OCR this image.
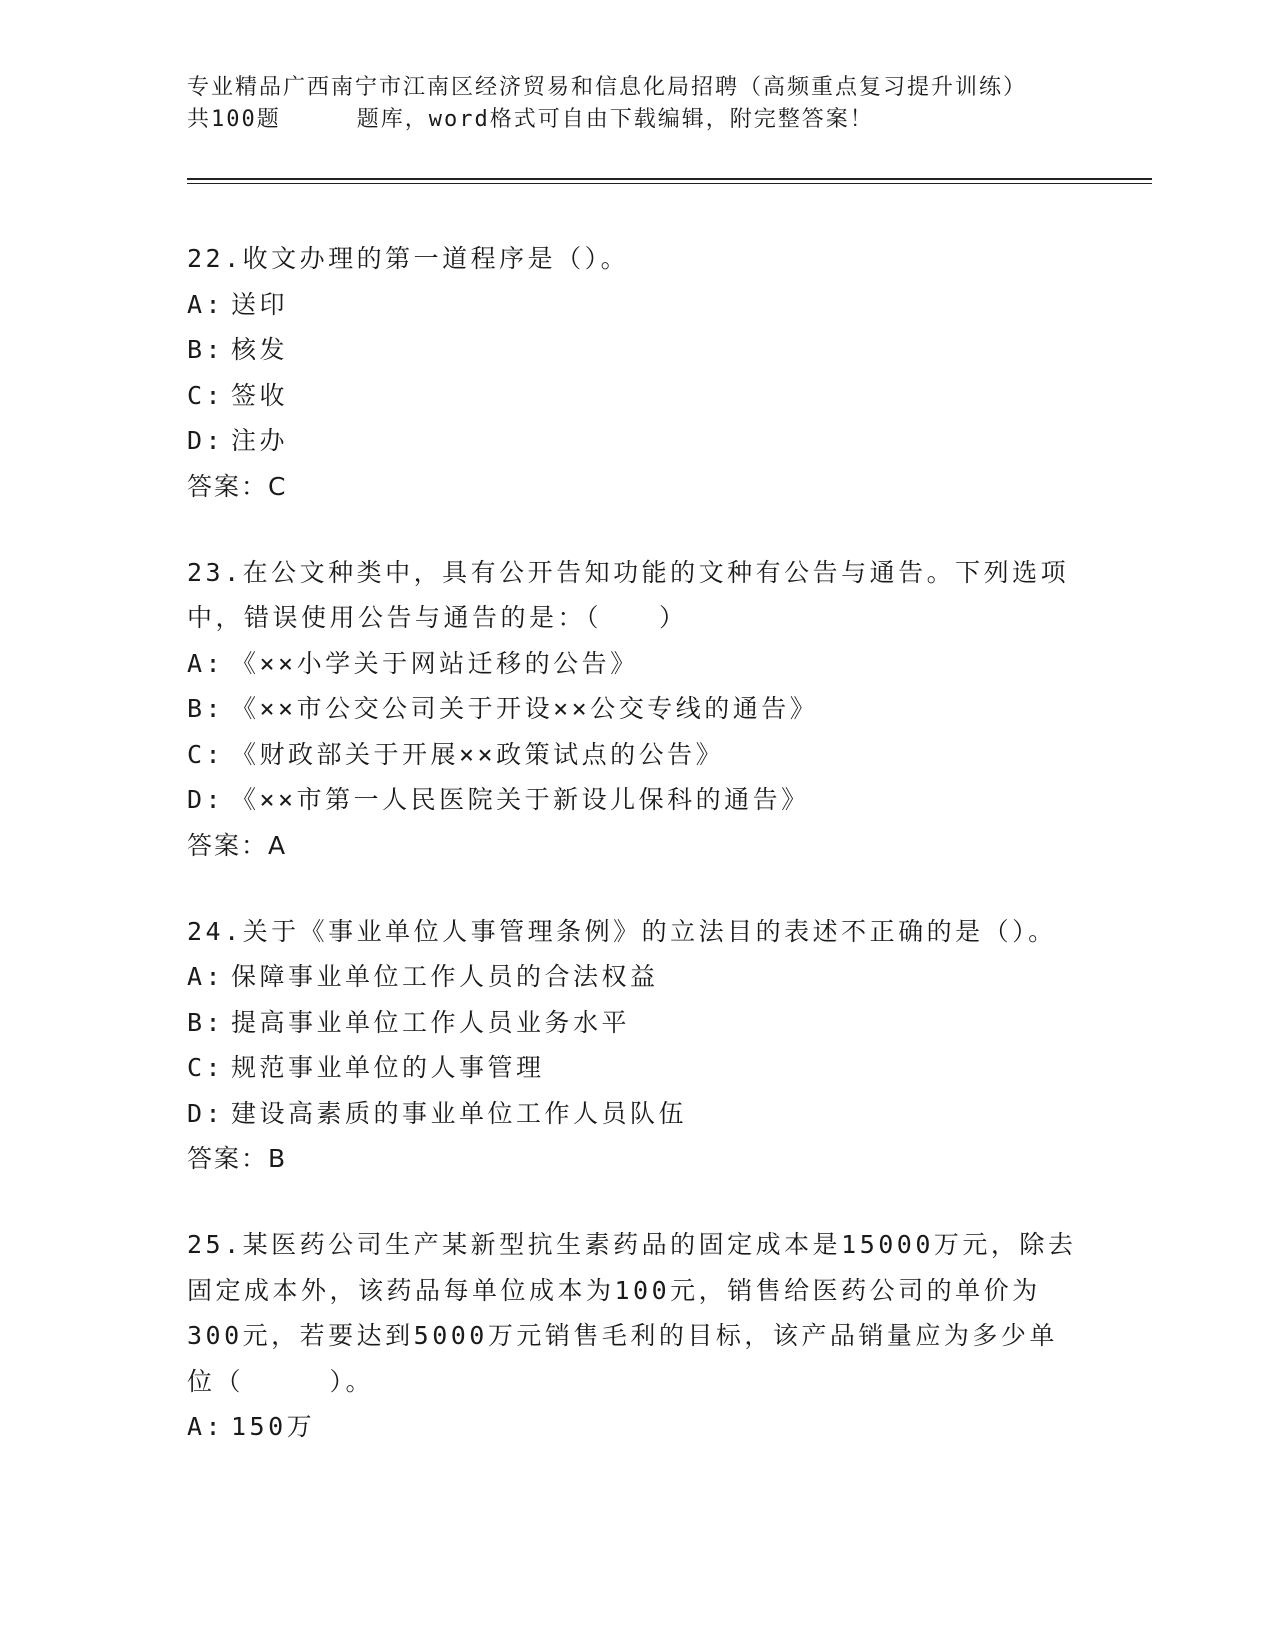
专业精品广西南宁市江南区经济贸易和信息化局招聘（高频重点复习提升训练）
共100题	题库，word格式可自由下载编辑，附完整答案！

22.收文办理的第一道程序是（）。

A: 送印

B: 核发

C: 签收

D: 注办

答案：C

23.在公文种类中，具有公开告知功能的文种有公告与通告。下列选项

中，错误使用公告与通告的是：（　　）

A: 《××小学关于网站迁移的公告》

B: 《××市公交公司关于开设××公交专线的通告》

C: 《财政部关于开展××政策试点的公告》

D: 《××市第一人民医院关于新设儿保科的通告》

答案：A

24.关于《事业单位人事管理条例》的立法目的表述不正确的是（）。

A: 保障事业单位工作人员的合法权益

B: 提高事业单位工作人员业务水平

C: 规范事业单位的人事管理

D: 建设高素质的事业单位工作人员队伍

答案：B

25.某医药公司生产某新型抗生素药品的固定成本是15000万元，除去

固定成本外，该药品每单位成本为100元，销售给医药公司的单价为

300元，若要达到5000万元销售毛利的目标，该产品销量应为多少单

位（　　　）。

A: 150万
